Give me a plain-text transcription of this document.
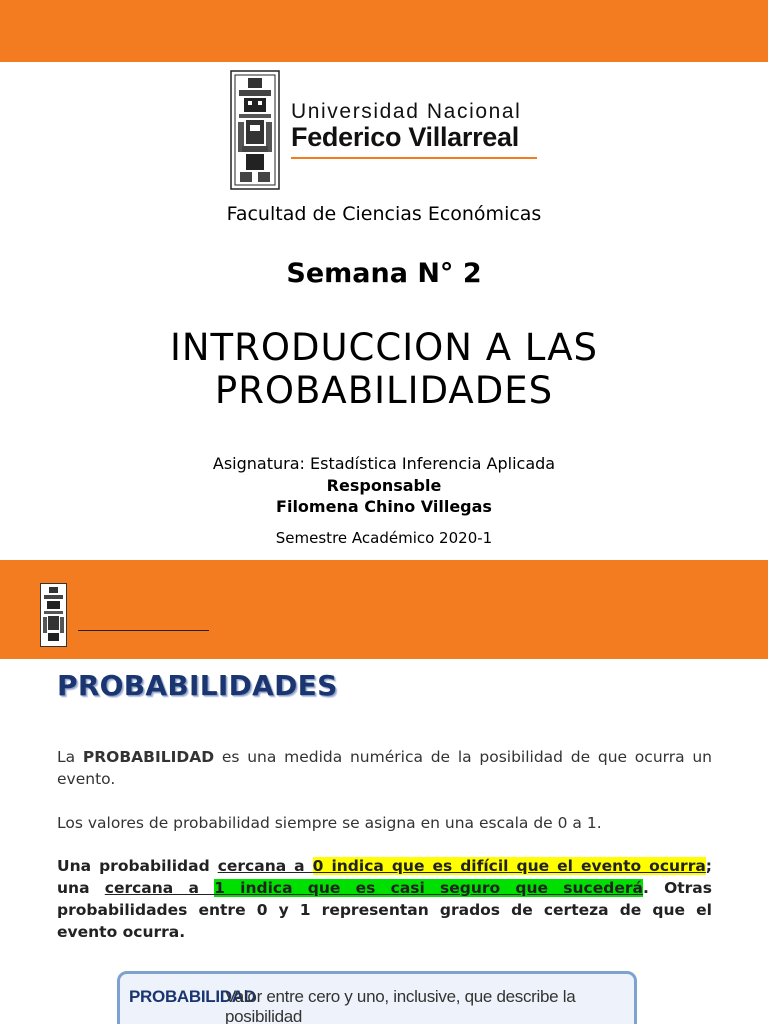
Universidad Nacional
Federico Villarreal
Facultad de Ciencias Económicas
Semana N° 2
INTRODUCCION A LAS
PROBABILIDADES
Asignatura: Estadística Inferencia Aplicada
Responsable
Filomena Chino Villegas
Semestre Académico 2020-1
PROBABILIDADES
La PROBABILIDAD es una medida numérica de la posibilidad de que ocurra un evento.
Los valores de probabilidad siempre se asigna en una escala de 0 a 1.
Una probabilidad cercana a 0 indica que es difícil que el evento ocurra; una cercana a 1 indica que es casi seguro que sucederá. Otras probabilidades entre 0 y 1 representan grados de certeza de que el evento ocurra.
PROBABILIDAD
Valor entre cero y uno, inclusive, que describe la posibilidad
